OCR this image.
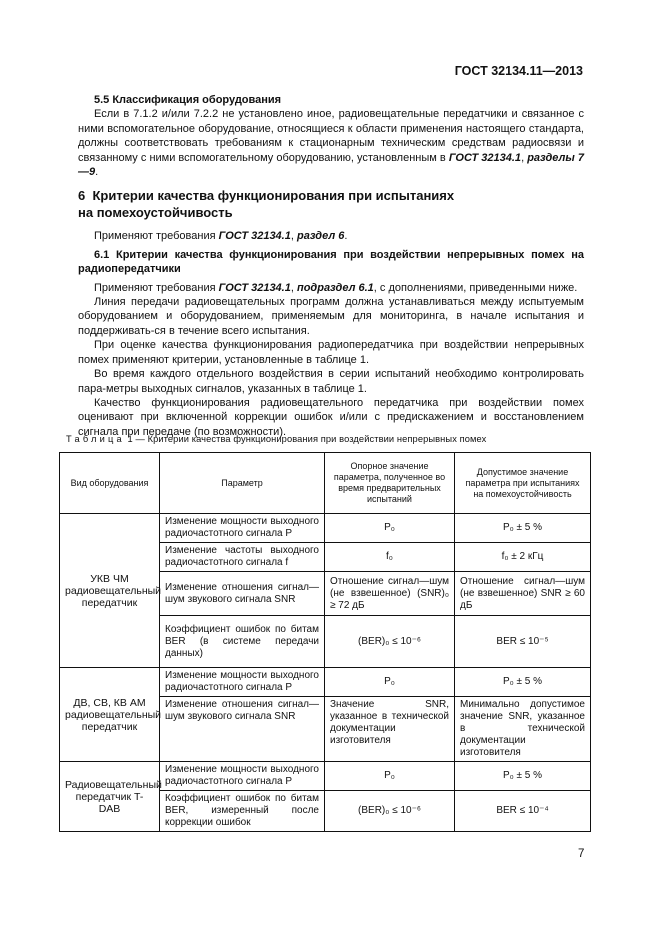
ГОСТ 32134.11—2013
5.5 Классификация оборудования

Если в 7.1.2 и/или 7.2.2 не установлено иное, радиовещательные передатчики и связанное с ними вспомогательное оборудование, относящиеся к области применения настоящего стандарта, должны соответствовать требованиям к стационарным техническим средствам радиосвязи и связанному с ними вспомогательному оборудованию, установленным в ГОСТ 32134.1, разделы 7—9.

6 Критерии качества функционирования при испытаниях
на помехоустойчивость

Применяют требования ГОСТ 32134.1, раздел 6.

6.1 Критерии качества функционирования при воздействии непрерывных помех на радиопередатчики

Применяют требования ГОСТ 32134.1, подраздел 6.1, с дополнениями, приведенными ниже.

Линия передачи радиовещательных программ должна устанавливаться между испытуемым оборудованием и оборудованием, применяемым для мониторинга, в начале испытания и поддерживать-ся в течение всего испытания.

При оценке качества функционирования радиопередатчика при воздействии непрерывных помех применяют критерии, установленные в таблице 1.

Во время каждого отдельного воздействия в серии испытаний необходимо контролировать пара-метры выходных сигналов, указанных в таблице 1.

Качество функционирования радиовещательного передатчика при воздействии помех оценивают при включенной коррекции ошибок и/или с предискажением и восстановлением сигнала при передаче (по возможности).

Таблица 1 — Критерии качества функционирования при воздействии непрерывных помех
Вид оборудования	Параметр	Опорное значение параметра, полученное во время предварительных испытаний	Допустимое значение параметра при испытаниях на помехоустойчивость
УКВ ЧМ радиовещательный передатчик	Изменение мощности выходного радиочастотного сигнала P	P₀	P₀ ± 5 %
	Изменение частоты выходного радиочастотного сигнала f	f₀	f₀ ± 2 кГц
	Изменение отношения сигнал—шум звукового сигнала SNR	Отношение сигнал—шум (не взвешенное) (SNR)₀ ≥ 72 дБ	Отношение сигнал—шум (не взвешенное) SNR ≥ 60 дБ
	Коэффициент ошибок по битам BER (в системе передачи данных)	(BER)₀ ≤ 10⁻⁶	BER ≤ 10⁻⁵
ДВ, СВ, КВ АМ радиовещательный передатчик	Изменение мощности выходного радиочастотного сигнала P	P₀	P₀ ± 5 %
	Изменение отношения сигнал—шум звукового сигнала SNR	Значение SNR, указанное в технической документации изготовителя	Минимально допустимое значение SNR, указанное в технической документации изготовителя
Радиовещательный передатчик T-DAB	Изменение мощности выходного радиочастотного сигнала P	P₀	P₀ ± 5 %
	Коэффициент ошибок по битам BER, измеренный после коррекции ошибок	(BER)₀ ≤ 10⁻⁶	BER ≤ 10⁻⁴
7
